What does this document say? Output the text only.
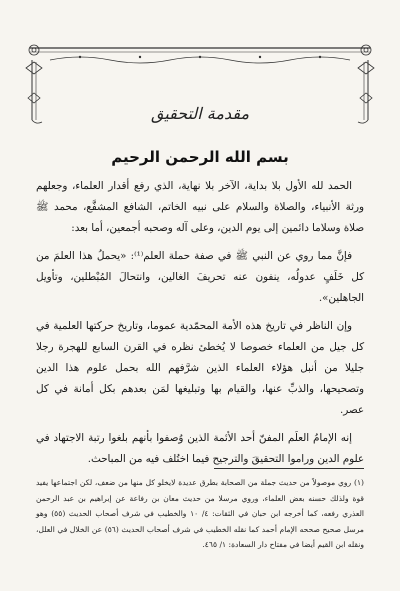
مقدمة التحقيق
بسم الله الرحمن الرحيم

الحمد لله الأول بلا بداية، الآخر بلا نهاية، الذي رفع أقدار العلماء، وجعلهم ورثة الأنبياء، والصلاة والسلام على نبيه الخاتم، الشافع المشفَّع، محمد ﷺ صلاة وسلاما دائمين إلى يوم الدين، وعلى آله وصحبه أجمعين، أما بعد:

فإنَّ مما روي عن النبي ﷺ في صفة حملة العلم⁽¹⁾: «يحملُ هذا العلمَ من كل خَلَفٍ عدولُه، ينفون عنه تحريفَ الغالين، وانتحالَ المُبْطلين، وتأويل الجاهلين».

وإن الناظر في تاريخ هذه الأمة المحمّدية عموما، وتاريخ حركتها العلمية في كل جيل من العلماء خصوصا لا يُخطئ نظره في القرن السابع للهجرة رجلا جليلا من أنبل هؤلاء العلماء الذين شرَّفهم الله بحمل علوم هذا الدين وتصحيحها، والذبِّ عنها، والقيام بها وتبليغها لمَن بعدهم بكل أمانة في كل عصر.

إنه الإمامُ العلَم المفنّ أحد الأئمة الذين وُصفوا بأنهم بلغوا رتبة الاجتهاد في علوم الدين وراموا التحقيقَ والترجيح فيما اختُلف فيه من المباحث.

(١) روي موصولاً من حديث جملة من الصحابة بطرق عديدة لايخلو كل منها من ضعف، لكن اجتماعها يفيد قوة ولذلك حسنه بعض العلماء، وروي مرسلا من حديث معان بن رفاعة عن إبراهيم بن عبد الرحمن العذري رفعه، كما أخرجه ابن حبان في الثقات: ٤/ ١٠ والخطيب في شرف أصحاب الحديث (٥٥) وهو مرسل صحيح صححه الإمام أحمد كما نقله الخطيب في شرف أصحاب الحديث (٥٦) عن الخلال في العلل، ونقله ابن القيم أيضا في مفتاح دار السعادة: ١/ ٤٦٥.
